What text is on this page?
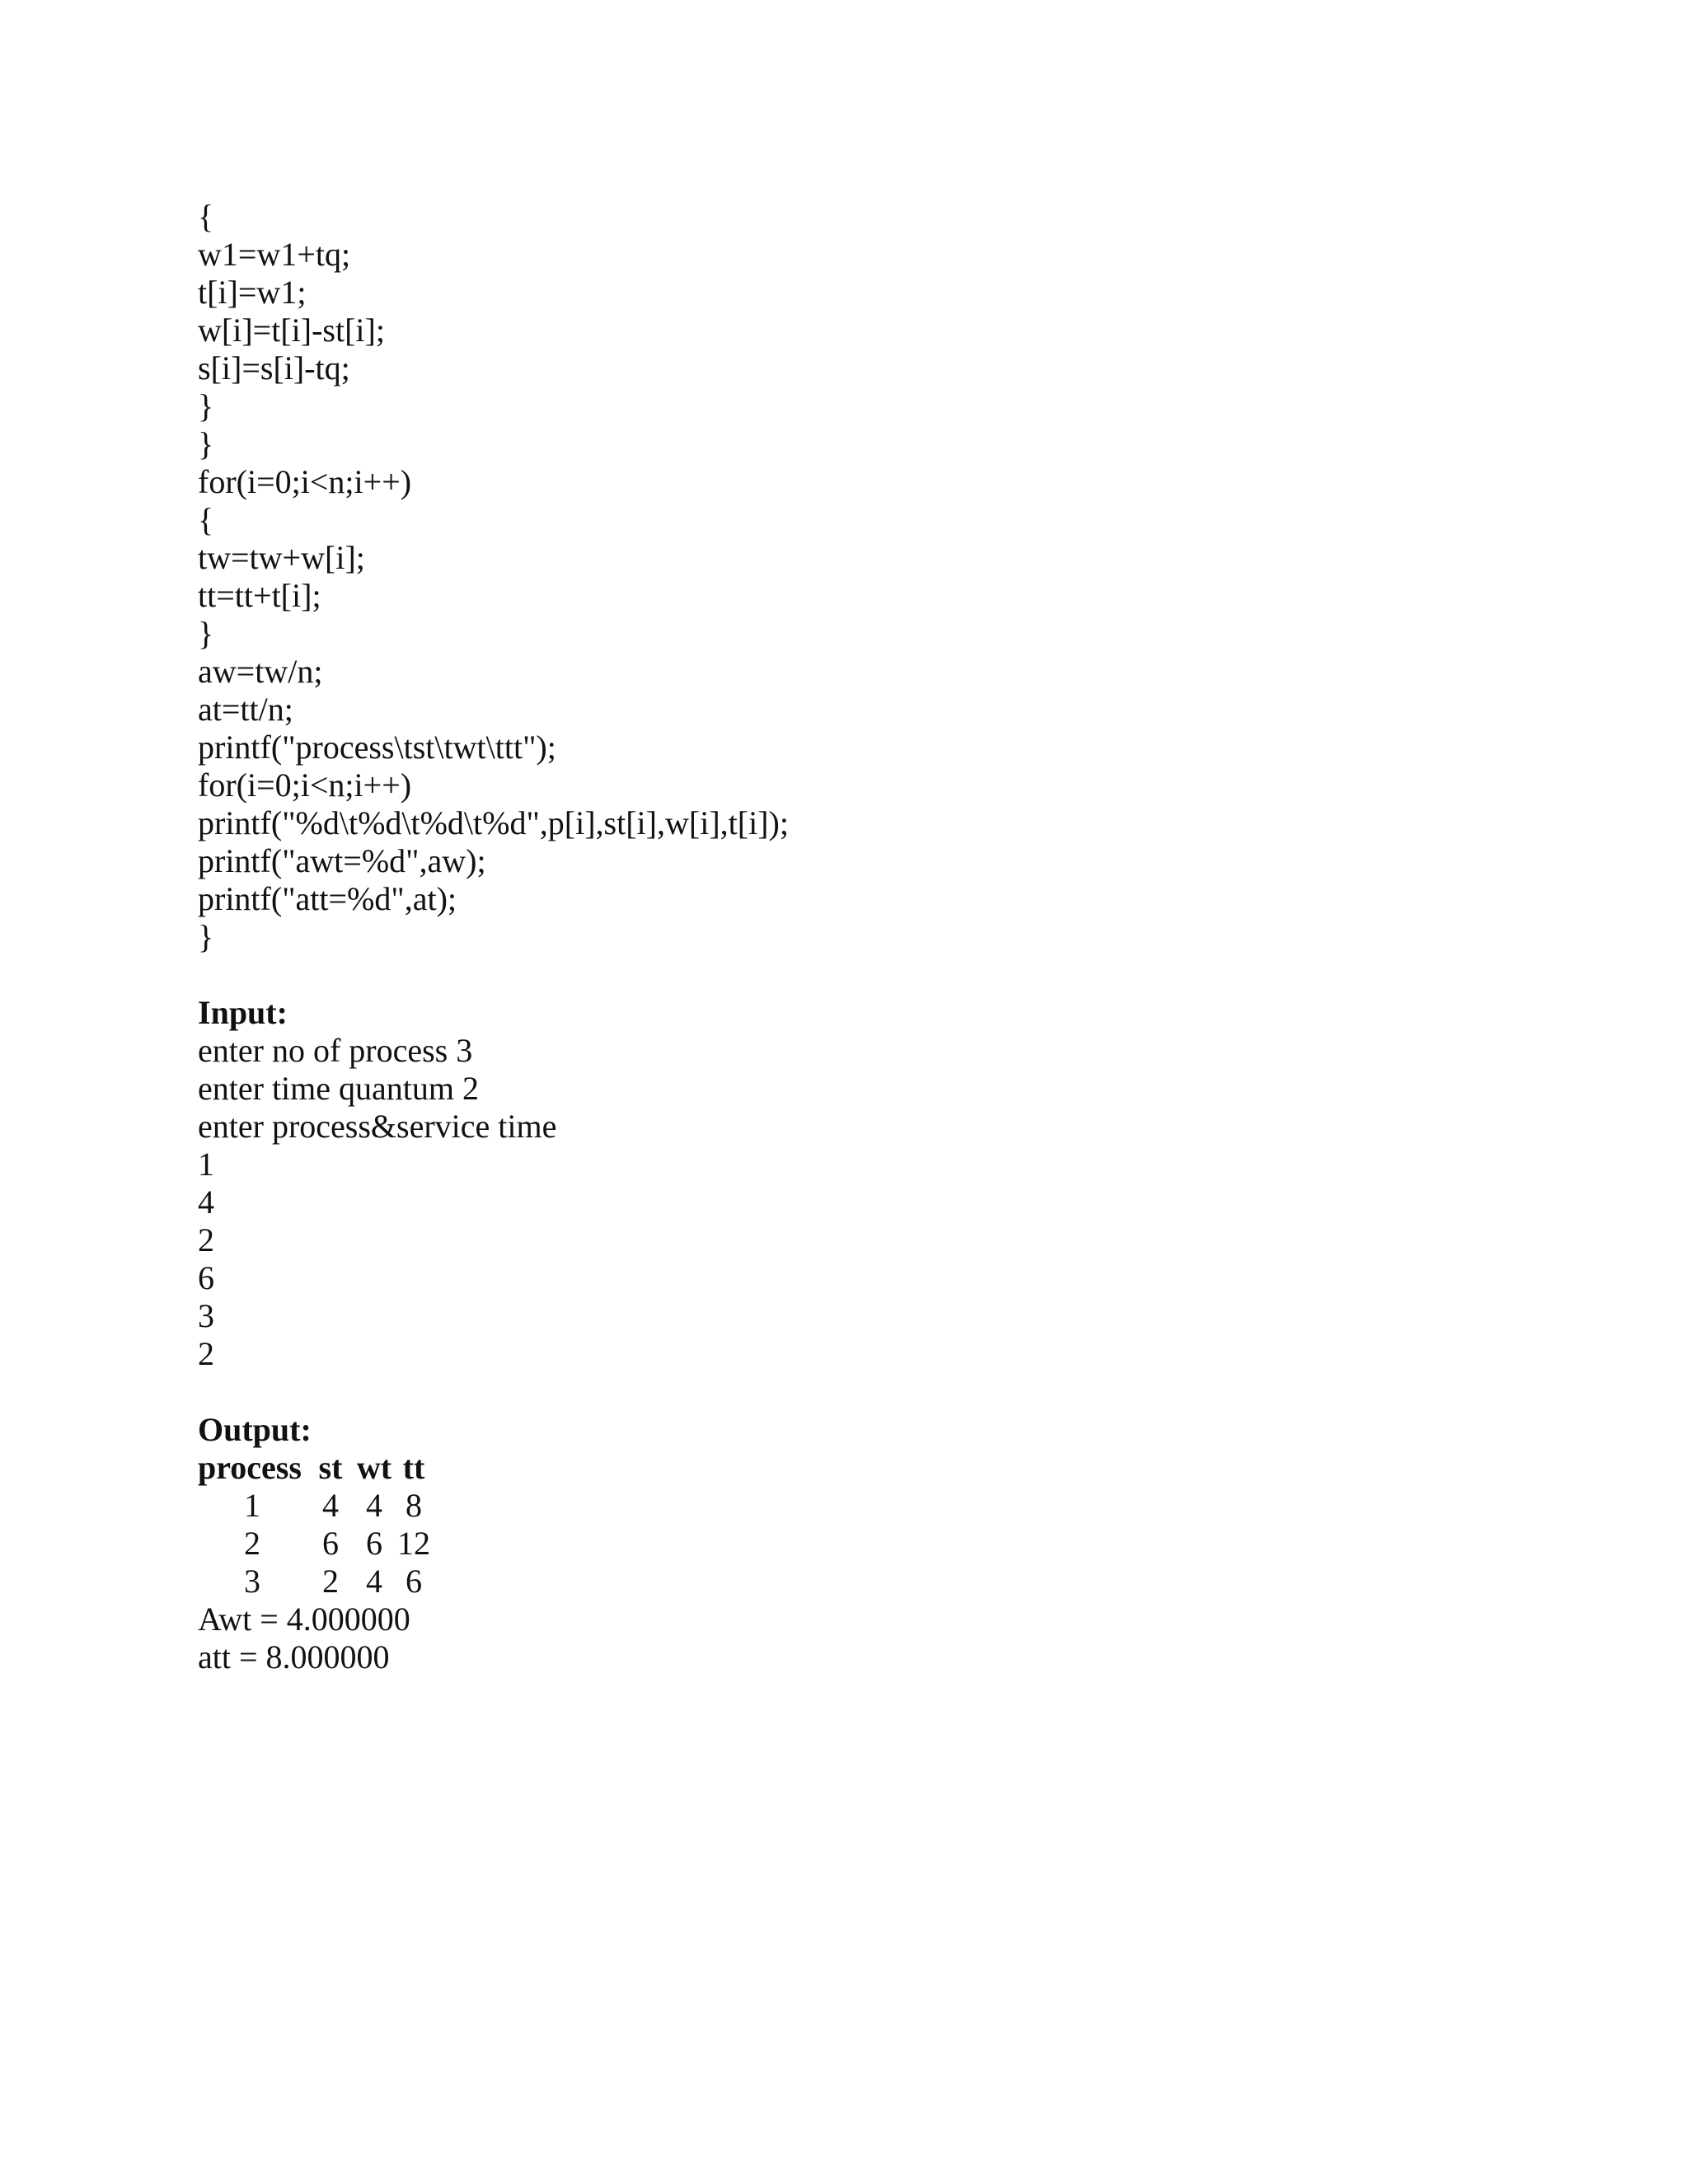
{
w1=w1+tq;
t[i]=w1;
w[i]=t[i]-st[i];
s[i]=s[i]-tq;
}
}
for(i=0;i<n;i++)
{
tw=tw+w[i];
tt=tt+t[i];
}
aw=tw/n;
at=tt/n;
printf("process\tst\twt\ttt");
for(i=0;i<n;i++)
printf("%d\t%d\t%d\t%d",p[i],st[i],w[i],t[i]);
printf("awt=%d",aw);
printf("att=%d",at);
}
Input:
enter no of process 3
enter time quantum 2
enter process&service time
1
4
2
6
3
2
Output:
process st wt tt
1	4 4 8
2	6 6 12
3	2 4 6
Awt = 4.000000
att = 8.000000
